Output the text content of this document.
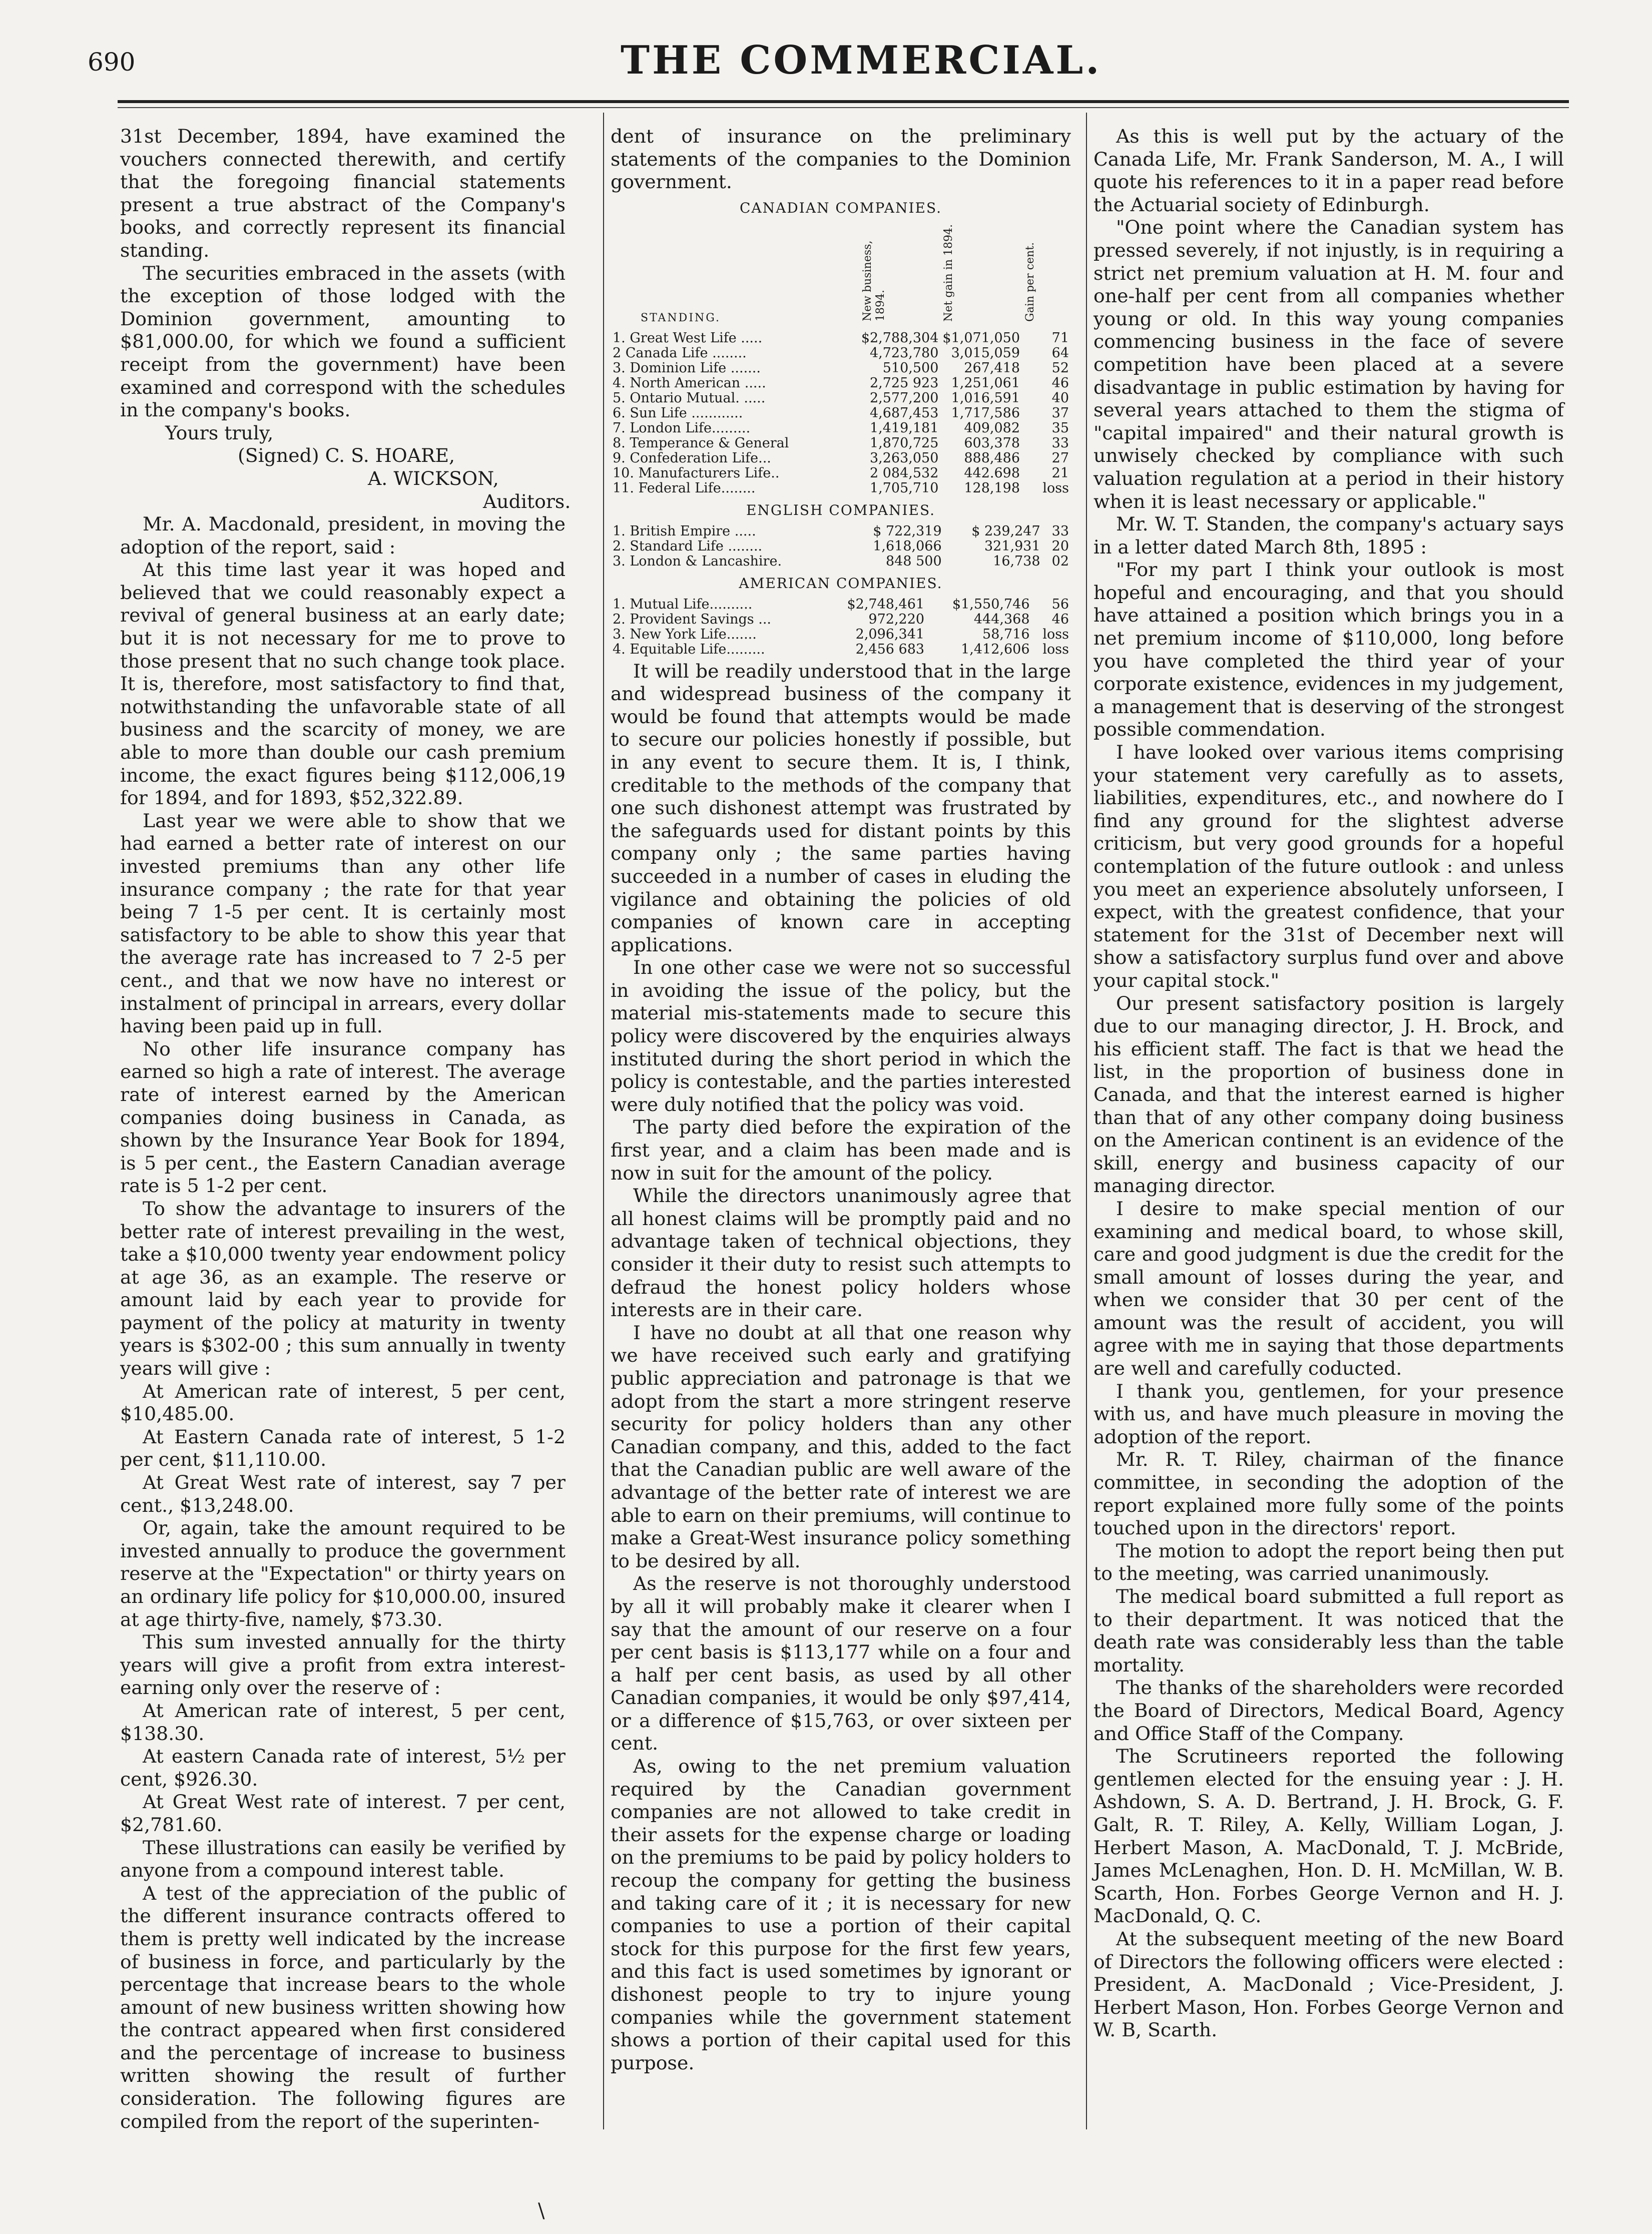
690	THE COMMERCIAL.

31st December, 1894, have examined the vouchers connected therewith, and certify that the foregoing financial statements present a true abstract of the Company's books, and correctly represent its financial standing.

The securities embraced in the assets (with the exception of those lodged with the Dominion government, amounting to $81,000.00, for which we found a sufficient receipt from the government) have been examined and correspond with the schedules in the company's books.

Yours truly,

(Signed) C. S. HOARE,

A. WICKSON,

Auditors.

Mr. A. Macdonald, president, in moving the adoption of the report, said :

At this time last year it was hoped and believed that we could reasonably expect a revival of general business at an early date; but it is not necessary for me to prove to those present that no such change took place. It is, therefore, most satisfactory to find that, notwithstanding the unfavorable state of all business and the scarcity of money, we are able to more than double our cash premium income, the exact figures being $112,006,19 for 1894, and for 1893, $52,322.89.

Last year we were able to show that we had earned a better rate of interest on our invested premiums than any other life insurance company ; the rate for that year being 7 1-5 per cent. It is certainly most satisfactory to be able to show this year that the average rate has increased to 7 2-5 per cent., and that we now have no interest or instalment of principal in arrears, every dollar having been paid up in full.

No other life insurance company has earned so high a rate of interest. The average rate of interest earned by the American companies doing business in Canada, as shown by the Insurance Year Book for 1894, is 5 per cent., the Eastern Canadian average rate is 5 1-2 per cent.

To show the advantage to insurers of the better rate of interest prevailing in the west, take a $10,000 twenty year endowment policy at age 36, as an example. The reserve or amount laid by each year to provide for payment of the policy at maturity in twenty years is $302-00 ; this sum annually in twenty years will give :

At American rate of interest, 5 per cent, $10,485.00.

At Eastern Canada rate of interest, 5 1-2 per cent, $11,110.00.

At Great West rate of interest, say 7 per cent., $13,248.00.

Or, again, take the amount required to be invested annually to produce the government reserve at the "Expectation" or thirty years on an ordinary life policy for $10,000.00, insured at age thirty-five, namely, $73.30.

This sum invested annually for the thirty years will give a profit from extra interest-earning only over the reserve of :

At American rate of interest, 5 per cent, $138.30.

At eastern Canada rate of interest, 5½ per cent, $926.30.

At Great West rate of interest. 7 per cent, $2,781.60.

These illustrations can easily be verified by anyone from a compound interest table.

A test of the appreciation of the public of the different insurance contracts offered to them is pretty well indicated by the increase of business in force, and particularly by the percentage that increase bears to the whole amount of new business written showing how the contract appeared when first considered and the percentage of increase to business written showing the result of further consideration. The following figures are compiled from the report of the superinten-

dent of insurance on the preliminary statements of the companies to the Dominion government.

CANADIAN COMPANIES.
STANDING.	New business, 1894.	Net gain in 1894.	Gain per cent.
1. Great West Life .....	$2,788,304	$1,071,050	71
2 Canada Life ........	4,723,780	3,015,059	64
3. Dominion Life .......	510,500	267,418	52
4. North American .....	2,725 923	1,251,061	46
5. Ontario Mutual. .....	2,577,200	1,016,591	40
6. Sun Life ............	4,687,453	1,717,586	37
7. London Life.........	1,419,181	409,082	35
8. Temperance & General	1,870,725	603,378	33
9. Confederation Life...	3,263,050	888,486	27
10. Manufacturers Life..	2 084,532	442.698	21
11. Federal Life........	1,705,710	128,198	loss
ENGLISH COMPANIES.
1. British Empire .....	$ 722,319	$ 239,247	33
2. Standard Life ........	1,618,066	321,931	20
3. London & Lancashire.	848 500	16,738	02
AMERICAN COMPANIES.
1. Mutual Life..........	$2,748,461	$1,550,746	56
2. Provident Savings ...	972,220	444,368	46
3. New York Life.......	2,096,341	58,716	loss
4. Equitable Life.........	2,456 683	1,412,606	loss

It will be readily understood that in the large and widespread business of the company it would be found that attempts would be made to secure our policies honestly if possible, but in any event to secure them. It is, I think, creditable to the methods of the company that one such dishonest attempt was frustrated by the safeguards used for distant points by this company only ; the same parties having succeeded in a number of cases in eluding the vigilance and obtaining the policies of old companies of known care in accepting applications.

In one other case we were not so successful in avoiding the issue of the policy, but the material mis-statements made to secure this policy were discovered by the enquiries always instituted during the short period in which the policy is contestable, and the parties interested were duly notified that the policy was void.

The party died before the expiration of the first year, and a claim has been made and is now in suit for the amount of the policy.

While the directors unanimously agree that all honest claims will be promptly paid and no advantage taken of technical objections, they consider it their duty to resist such attempts to defraud the honest policy holders whose interests are in their care.

I have no doubt at all that one reason why we have received such early and gratifying public appreciation and patronage is that we adopt from the start a more stringent reserve security for policy holders than any other Canadian company, and this, added to the fact that the Canadian public are well aware of the advantage of the better rate of interest we are able to earn on their premiums, will continue to make a Great-West insurance policy something to be desired by all.

As the reserve is not thoroughly understood by all it will probably make it clearer when I say that the amount of our reserve on a four per cent basis is $113,177 while on a four and a half per cent basis, as used by all other Canadian companies, it would be only $97,414, or a difference of $15,763, or over sixteen per cent.

As, owing to the net premium valuation required by the Canadian government companies are not allowed to take credit in their assets for the expense charge or loading on the premiums to be paid by policy holders to recoup the company for getting the business and taking care of it ; it is necessary for new companies to use a portion of their capital stock for this purpose for the first few years, and this fact is used sometimes by ignorant or dishonest people to try to injure young companies while the government statement shows a portion of their capital used for this purpose.

As this is well put by the actuary of the Canada Life, Mr. Frank Sanderson, M. A., I will quote his references to it in a paper read before the Actuarial society of Edinburgh.

"One point where the Canadian system has pressed severely, if not injustly, is in requiring a strict net premium valuation at H. M. four and one-half per cent from all companies whether young or old. In this way young companies commencing business in the face of severe competition have been placed at a severe disadvantage in public estimation by having for several years attached to them the stigma of "capital impaired" and their natural growth is unwisely checked by compliance with such valuation regulation at a period in their history when it is least necessary or applicable."

Mr. W. T. Standen, the company's actuary says in a letter dated March 8th, 1895 :

"For my part I think your outlook is most hopeful and encouraging, and that you should have attained a position which brings you in a net premium income of $110,000, long before you have completed the third year of your corporate existence, evidences in my judgement, a management that is deserving of the strongest possible commendation.

I have looked over various items comprising your statement very carefully as to assets, liabilities, expenditures, etc., and nowhere do I find any ground for the slightest adverse criticism, but very good grounds for a hopeful contemplation of the future outlook : and unless you meet an experience absolutely unforseen, I expect, with the greatest confidence, that your statement for the 31st of December next will show a satisfactory surplus fund over and above your capital stock."

Our present satisfactory position is largely due to our managing director, J. H. Brock, and his efficient staff. The fact is that we head the list, in the proportion of business done in Canada, and that the interest earned is higher than that of any other company doing business on the American continent is an evidence of the skill, energy and business capacity of our managing director.

I desire to make special mention of our examining and medical board, to whose skill, care and good judgment is due the credit for the small amount of losses during the year, and when we consider that 30 per cent of the amount was the result of accident, you will agree with me in saying that those departments are well and carefully coducted.

I thank you, gentlemen, for your presence with us, and have much pleasure in moving the adoption of the report.

Mr. R. T. Riley, chairman of the finance committee, in seconding the adoption of the report explained more fully some of the points touched upon in the directors' report.

The motion to adopt the report being then put to the meeting, was carried unanimously.

The medical board submitted a full report as to their department. It was noticed that the death rate was considerably less than the table mortality.

The thanks of the shareholders were recorded the Board of Directors, Medical Board, Agency and Office Staff of the Company.

The Scrutineers reported the following gentlemen elected for the ensuing year : J. H. Ashdown, S. A. D. Bertrand, J. H. Brock, G. F. Galt, R. T. Riley, A. Kelly, William Logan, J. Herbert Mason, A. MacDonald, T. J. McBride, James McLenaghen, Hon. D. H. McMillan, W. B. Scarth, Hon. Forbes George Vernon and H. J. MacDonald, Q. C.

At the subsequent meeting of the new Board of Directors the following officers were elected : President, A. MacDonald ; Vice-President, J. Herbert Mason, Hon. Forbes George Vernon and W. B, Scarth.

\
